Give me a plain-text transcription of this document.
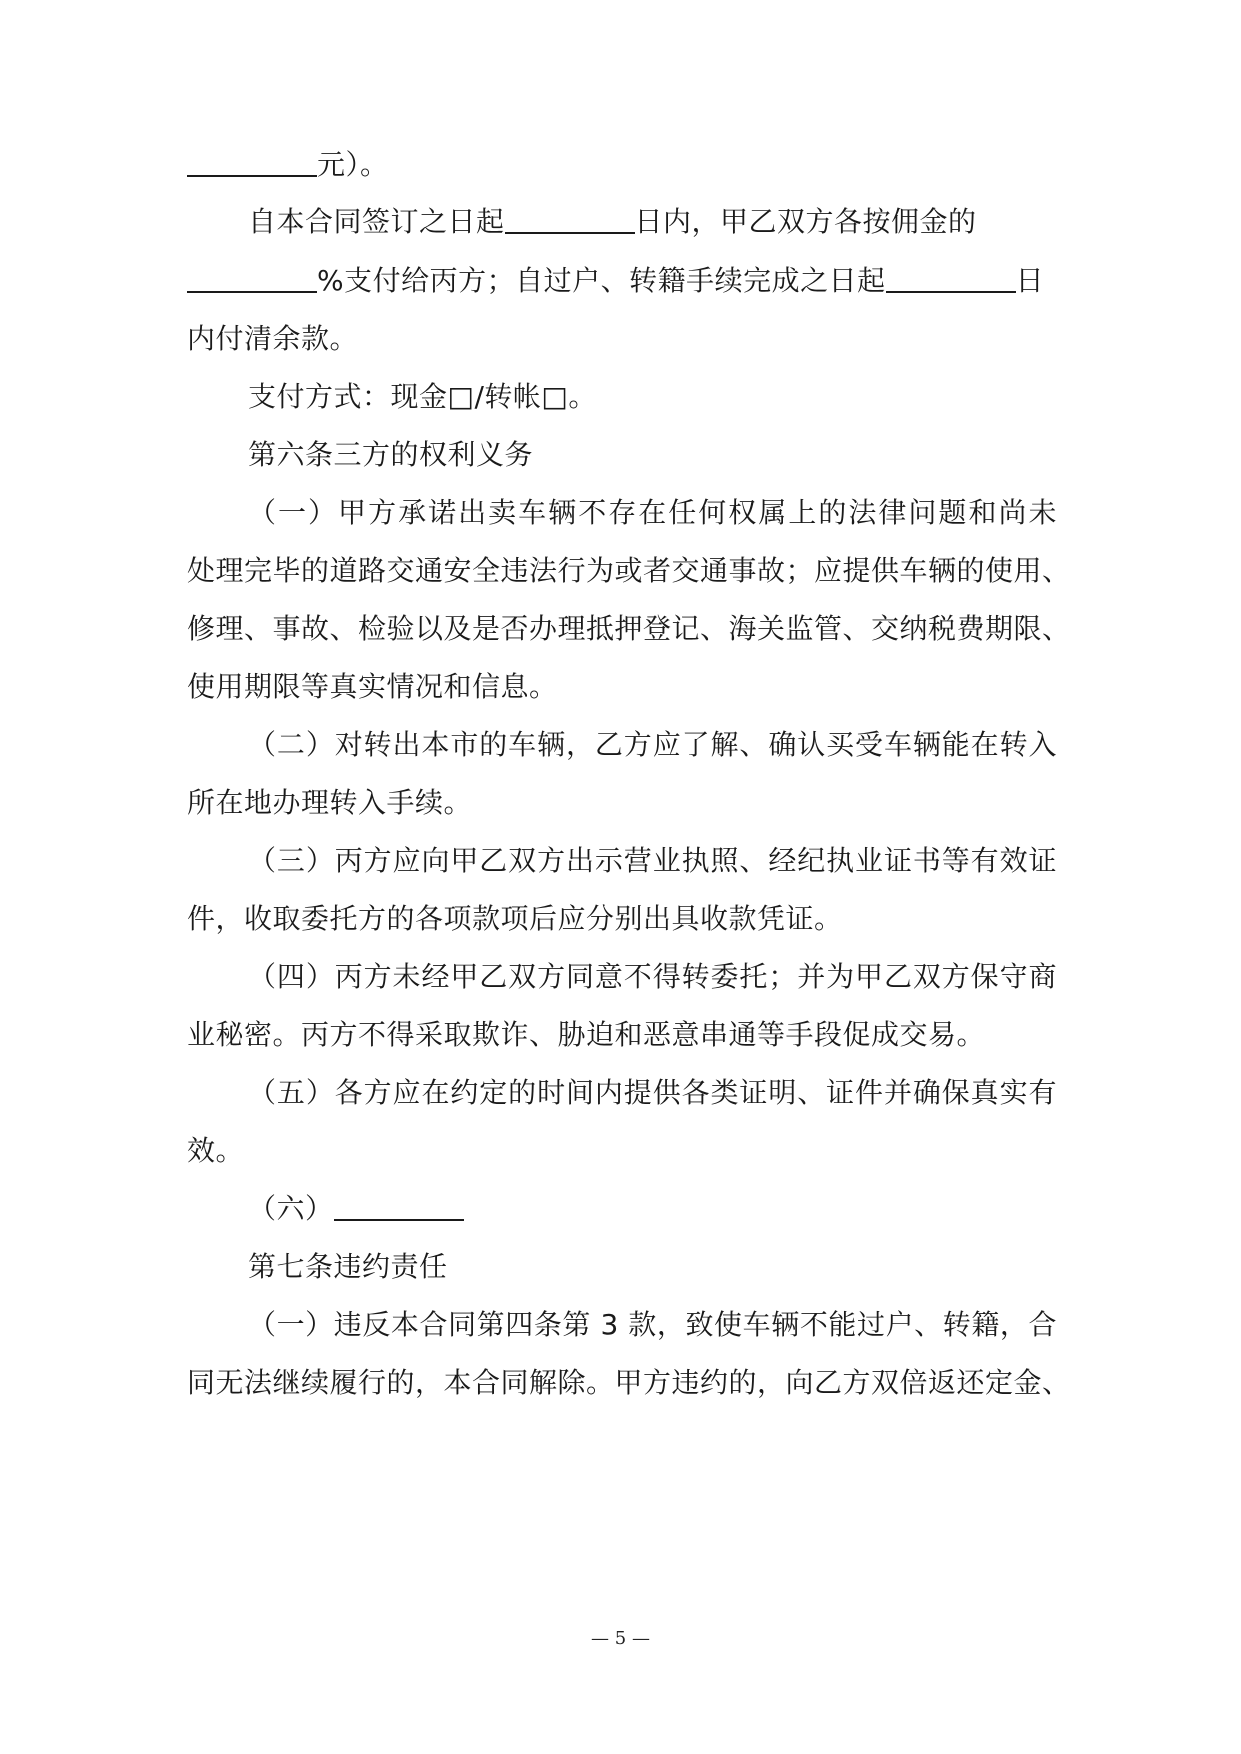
元）。
自本合同签订之日起	日内，甲乙双方各按佣金的
%支付给丙方；自过户、转籍手续完成之日起	日
内付清余款。
支付方式：现金□/转帐□。
第六条三方的权利义务
（一）甲方承诺出卖车辆不存在任何权属上的法律问题和尚未
处理完毕的道路交通安全违法行为或者交通事故；应提供车辆的使用、
修理、事故、检验以及是否办理抵押登记、海关监管、交纳税费期限、
使用期限等真实情况和信息。
（二）对转出本市的车辆，乙方应了解、确认买受车辆能在转入
所在地办理转入手续。
（三）丙方应向甲乙双方出示营业执照、经纪执业证书等有效证
件，收取委托方的各项款项后应分别出具收款凭证。
（四）丙方未经甲乙双方同意不得转委托；并为甲乙双方保守商
业秘密。丙方不得采取欺诈、胁迫和恶意串通等手段促成交易。
（五）各方应在约定的时间内提供各类证明、证件并确保真实有
效。
（六）
第七条违约责任
（一）违反本合同第四条第 3 款，致使车辆不能过户、转籍，合
同无法继续履行的，本合同解除。甲方违约的，向乙方双倍返还定金、
— 5 —
